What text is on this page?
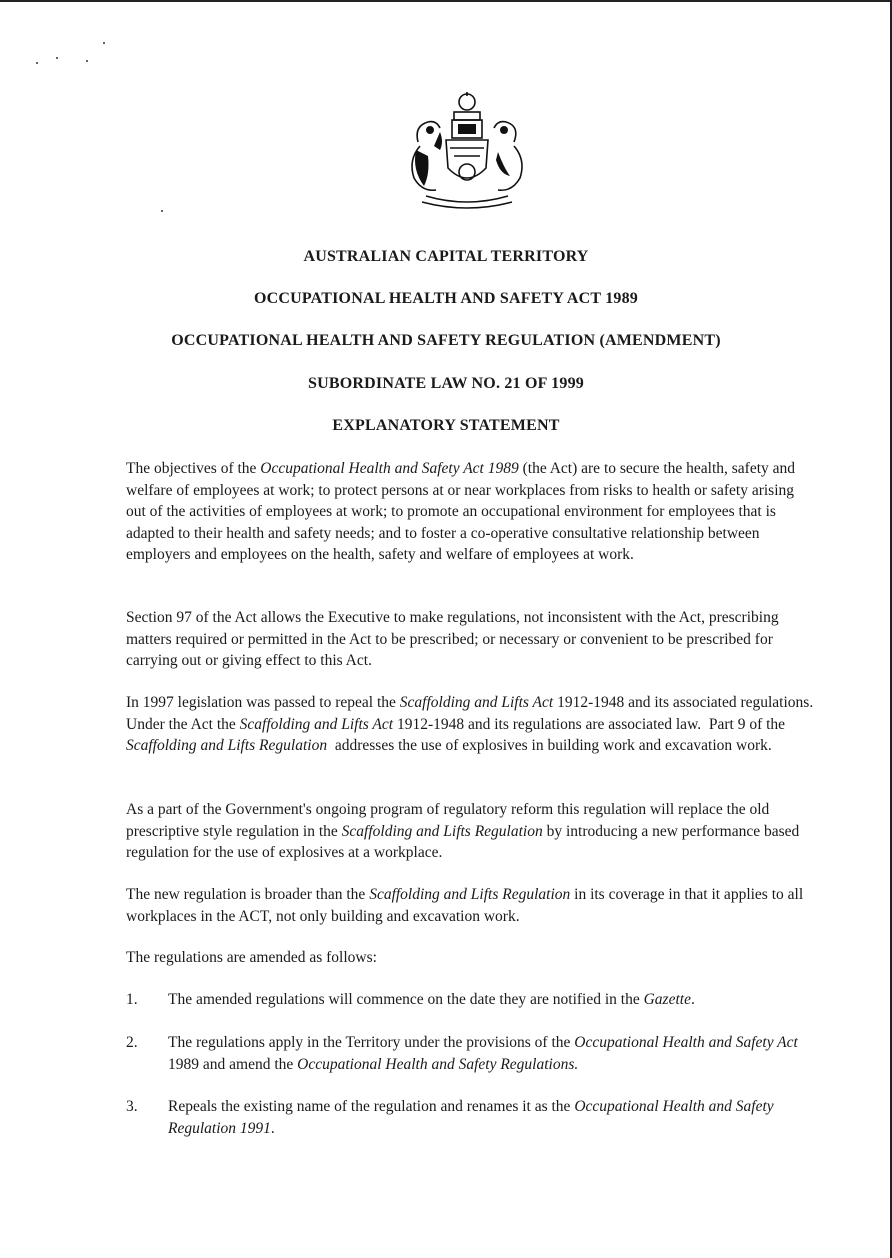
AUSTRALIAN CAPITAL TERRITORY
OCCUPATIONAL HEALTH AND SAFETY ACT 1989
OCCUPATIONAL HEALTH AND SAFETY REGULATION (AMENDMENT)
SUBORDINATE LAW NO. 21 OF 1999
EXPLANATORY STATEMENT

The objectives of the Occupational Health and Safety Act 1989 (the Act) are to secure the health, safety and welfare of employees at work; to protect persons at or near workplaces from risks to health or safety arising out of the activities of employees at work; to promote an occupational environment for employees that is adapted to their health and safety needs; and to foster a co-operative consultative relationship between employers and employees on the health, safety and welfare of employees at work.

Section 97 of the Act allows the Executive to make regulations, not inconsistent with the Act, prescribing matters required or permitted in the Act to be prescribed; or necessary or convenient to be prescribed for carrying out or giving effect to this Act.

In 1997 legislation was passed to repeal the Scaffolding and Lifts Act 1912-1948 and its associated regulations.  Under the Act the Scaffolding and Lifts Act 1912-1948 and its regulations are associated law.  Part 9 of the Scaffolding and Lifts Regulation  addresses the use of explosives in building work and excavation work.

As a part of the Government's ongoing program of regulatory reform this regulation will replace the old prescriptive style regulation in the Scaffolding and Lifts Regulation by introducing a new performance based regulation for the use of explosives at a workplace.

The new regulation is broader than the Scaffolding and Lifts Regulation in its coverage in that it applies to all workplaces in the ACT, not only building and excavation work.

The regulations are amended as follows:

1.	The amended regulations will commence on the date they are notified in the Gazette.

2.	The regulations apply in the Territory under the provisions of the Occupational Health and Safety Act 1989 and amend the Occupational Health and Safety Regulations.

3.	Repeals the existing name of the regulation and renames it as the Occupational Health and Safety Regulation 1991.
